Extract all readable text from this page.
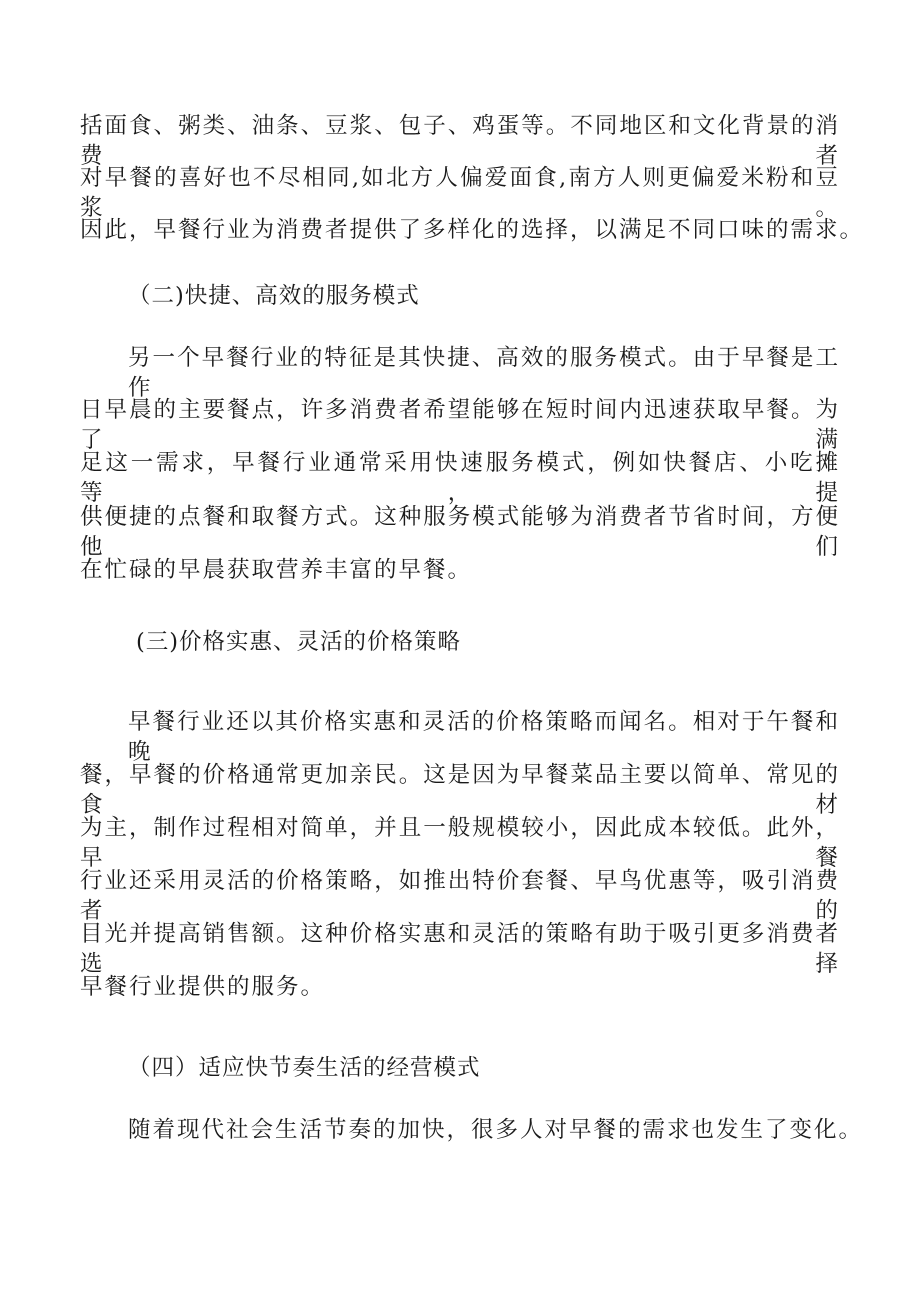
括面食、粥类、油条、豆浆、包子、鸡蛋等。不同地区和文化背景的消费者
对早餐的喜好也不尽相同,如北方人偏爱面食,南方人则更偏爱米粉和豆浆。
因此，早餐行业为消费者提供了多样化的选择，以满足不同口味的需求。
（二)快捷、高效的服务模式
另一个早餐行业的特征是其快捷、高效的服务模式。由于早餐是工作
日早晨的主要餐点，许多消费者希望能够在短时间内迅速获取早餐。为了满
足这一需求，早餐行业通常采用快速服务模式，例如快餐店、小吃摊等，提
供便捷的点餐和取餐方式。这种服务模式能够为消费者节省时间，方便他们
在忙碌的早晨获取营养丰富的早餐。
(三)价格实惠、灵活的价格策略
早餐行业还以其价格实惠和灵活的价格策略而闻名。相对于午餐和晚
餐，早餐的价格通常更加亲民。这是因为早餐菜品主要以简单、常见的食材
为主，制作过程相对简单，并且一般规模较小，因此成本较低。此外，早餐
行业还采用灵活的价格策略，如推出特价套餐、早鸟优惠等，吸引消费者的
目光并提高销售额。这种价格实惠和灵活的策略有助于吸引更多消费者选择
早餐行业提供的服务。
（四）适应快节奏生活的经营模式
随着现代社会生活节奏的加快，很多人对早餐的需求也发生了变化。
